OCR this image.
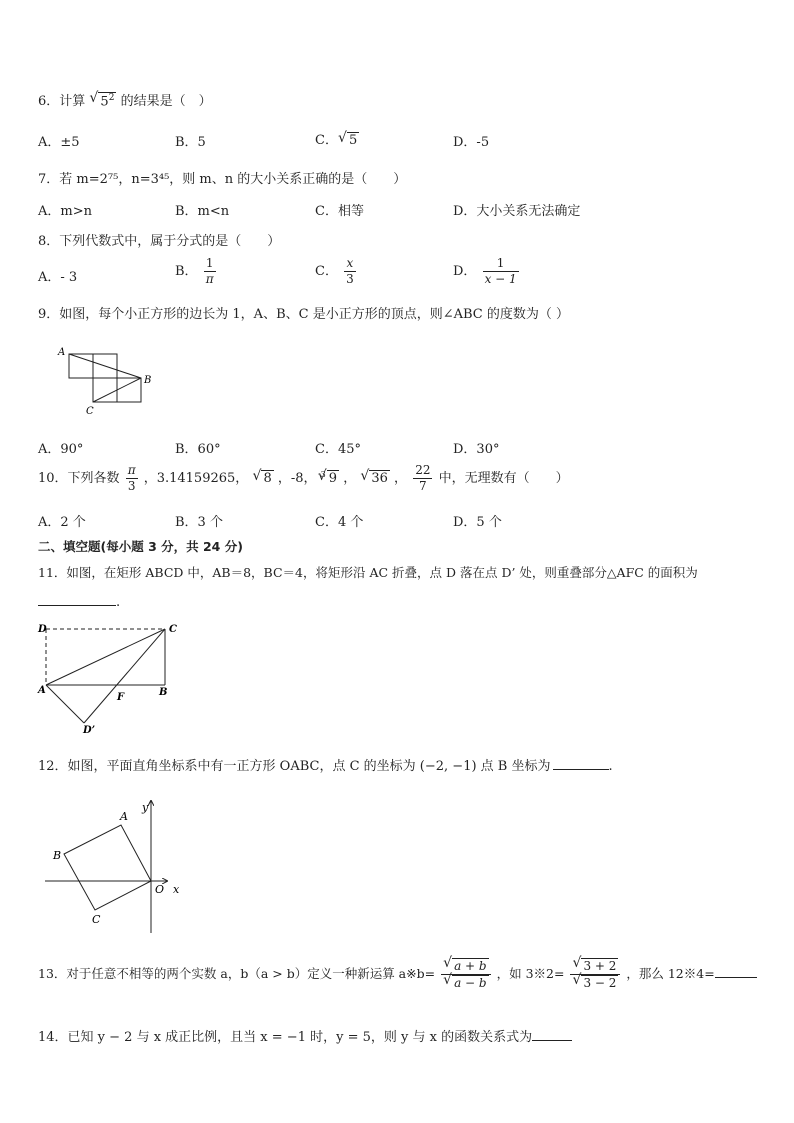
6．计算 √ $5^2$ 的结果是（　）
A．±5	B．5	C． √ 5	D．-5
7．若 m=2⁷⁵，n=3⁴⁵，则 m、n 的大小关系正确的是（　　）
A．m>n	B．m<n	C．相等	D．大小关系无法确定
8．下列代数式中，属于分式的是（　　）
A．- 3	B． $\frac{1}{\pi}$	C． $\frac{x}{3}$	D． $\frac{1}{x - 1}$
9．如图，每个小正方形的边长为 1，A、B、C 是小正方形的顶点，则∠ABC 的度数为（ ）
A
B
C
A．90°	B．60°	C．45°	D．30°
10．下列各数 $\frac{\pi}{3}$ ，3.14159265， √ 8 ，-8， $^3$ √ 9 ， √ 36 ， $\frac{22}{7}$ 中，无理数有（　　）
A．2 个	B．3 个	C．4 个	D．5 个
二、填空题(每小题 3 分，共 24 分)
11．如图，在矩形 ABCD 中，AB＝8，BC＝4，将矩形沿 AC 折叠，点 D 落在点 D’ 处，则重叠部分△AFC 的面积为
.
D	C
A	B
F
D’
12．如图，平面直角坐标系中有一正方形 OABC，点 C 的坐标为 (−2, −1) 点 B 坐标为	.
y
x
O
A
B
C
13．对于任意不相等的两个实数 a，b（a > b）定义一种新运算 a※b= √ a + b
√ a − b ，如 3※2= √ 3 + 2
√ 3 − 2 ，那么 12※4=
14．已知 y − 2 与 x 成正比例，且当 x = −1 时，y = 5，则 y 与 x 的函数关系式为
